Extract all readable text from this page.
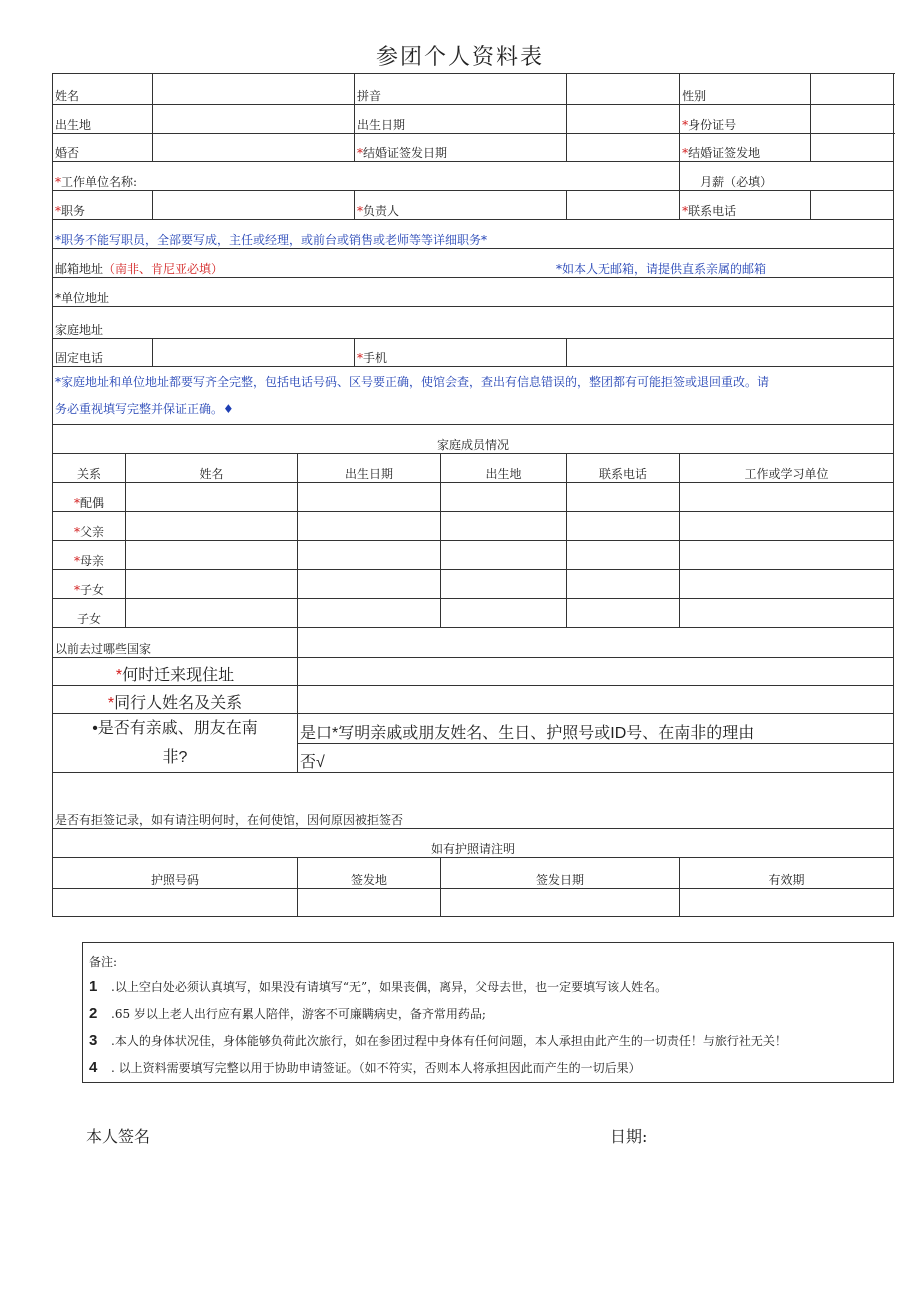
参团个人资料表
姓名				拼音			性别	
出生地				出生日期			*身份证号	
婚否				*结婚证签发日期			*结婚证签发地	
*工作单位名称:							月薪（必填）	
*职务				*负责人			*联系电话	
*职务不能写职员，全部要写成，主任或经理，或前台或销售或老师等等详细职务*								
邮箱地址（南非、肯尼亚必填） *如本人无邮箱，请提供直系亲属的邮箱								

*单位地址								
家庭地址								
固定电话				*手机				

*家庭地址和单位地址都要写齐全完整，包括电话号码、区号要正确，使馆会查，查出有信息错误的，整团都有可能拒签或退回重改。请
务必重视填写完整并保证正确。♦								

家庭成员情况								
关系	姓名		出生日期		出生地	联系电话	工作或学习单位	
*配偶								
*父亲								
*母亲								
*子女								
子女								
以前去过哪些国家								
*何时迁来现住址								
*同行人姓名及关系								

•是否有亲戚、朋友在南
非?			是口*写明亲戚或朋友姓名、生日、护照号或ID号、在南非的理由					
			否√					
是否有拒签记录，如有请注明何时，在何使馆，因何原因被拒签否								
如有护照请注明								
护照号码			签发地		签发日期		有效期	

备注:
1 .以上空白处必须认真填写，如果没有请填写“无”，如果丧偶，离异，父母去世，也一定要填写该人姓名。
2 .65 岁以上老人出行应有累人陪伴，游客不可廉瞒病史，备齐常用药品;
3 .本人的身体状况佳，身体能够负荷此次旅行，如在参团过程中身体有任何问题，本人承担由此产生的一切责任！与旅行社无关！
4 . 以上资料需要填写完整以用于协助申请签证。（如不符实，否则本人将承担因此而产生的一切后果）
本人签名	日期:
